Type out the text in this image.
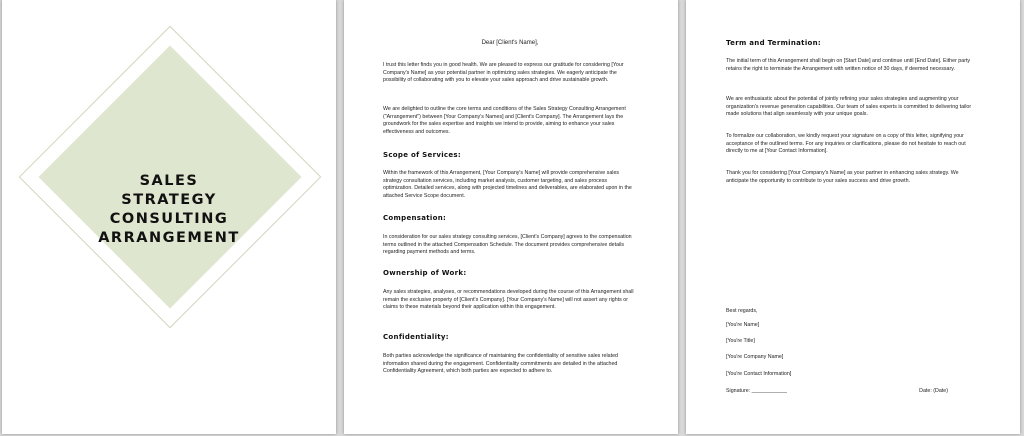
SALES
STRATEGY
CONSULTING
ARRANGEMENT
Dear [Client's Name],

I trust this letter finds you in good health. We are pleased to express our gratitude for considering [Your Company's Name] as your potential partner in optimizing sales strategies. We eagerly anticipate the possibility of collaborating with you to elevate your sales approach and drive sustainable growth.

We are delighted to outline the core terms and conditions of the Sales Strategy Consulting Arrangement ("Arrangement") between [Your Company's Names] and [Client's Company]. The Arrangement lays the groundwork for the sales expertise and insights we intend to provide, aiming to enhance your sales effectiveness and outcomes.

Scope of Services:

Within the framework of this Arrangement, [Your Company's Name] will provide comprehensive sales strategy consultation services, including market analysis, customer targeting, and sales process optimization. Detailed services, along with projected timelines and deliverables, are elaborated upon in the attached Service Scope document.

Compensation:

In consideration for our sales strategy consulting services, [Client's Company] agrees to the compensation terms outlined in the attached Compensation Schedule. The document provides comprehensive details regarding payment methods and terms.

Ownership of Work:

Any sales strategies, analyses, or recommendations developed during the course of this Arrangement shall remain the exclusive property of [Client's Company]. [Your Company's Name] will not assert any rights or claims to these materials beyond their application within this engagement.

Confidentiality:

Both parties acknowledge the significance of maintaining the confidentiality of sensitive sales related information shared during the engagement. Confidentiality commitments are detailed in the attached Confidentiality Agreement, which both parties are expected to adhere to.

Term and Termination:

The initial term of this Arrangement shall begin on [Start Date] and continue until [End Date]. Either party retains the right to terminate the Arrangement with written notice of 30 days, if deemed necessary.

We are enthusiastic about the potential of jointly refining your sales strategies and augmenting your organization's revenue generation capabilities. Our team of sales experts is committed to delivering tailor made solutions that align seamlessly with your unique goals.

To formalize our collaboration, we kindly request your signature on a copy of this letter, signifying your acceptance of the outlined terms. For any inquiries or clarifications, please do not hesitate to reach out directly to me at [Your Contact Information].

Thank you for considering [Your Company's Name] as your partner in enhancing sales strategy. We anticipate the opportunity to contribute to your sales success and drive growth.

Best regards,
[You're Name]
[You're Title]
[You're Company Name]
[You're Contact Information]
Signature: ____________	Date: (Date)
